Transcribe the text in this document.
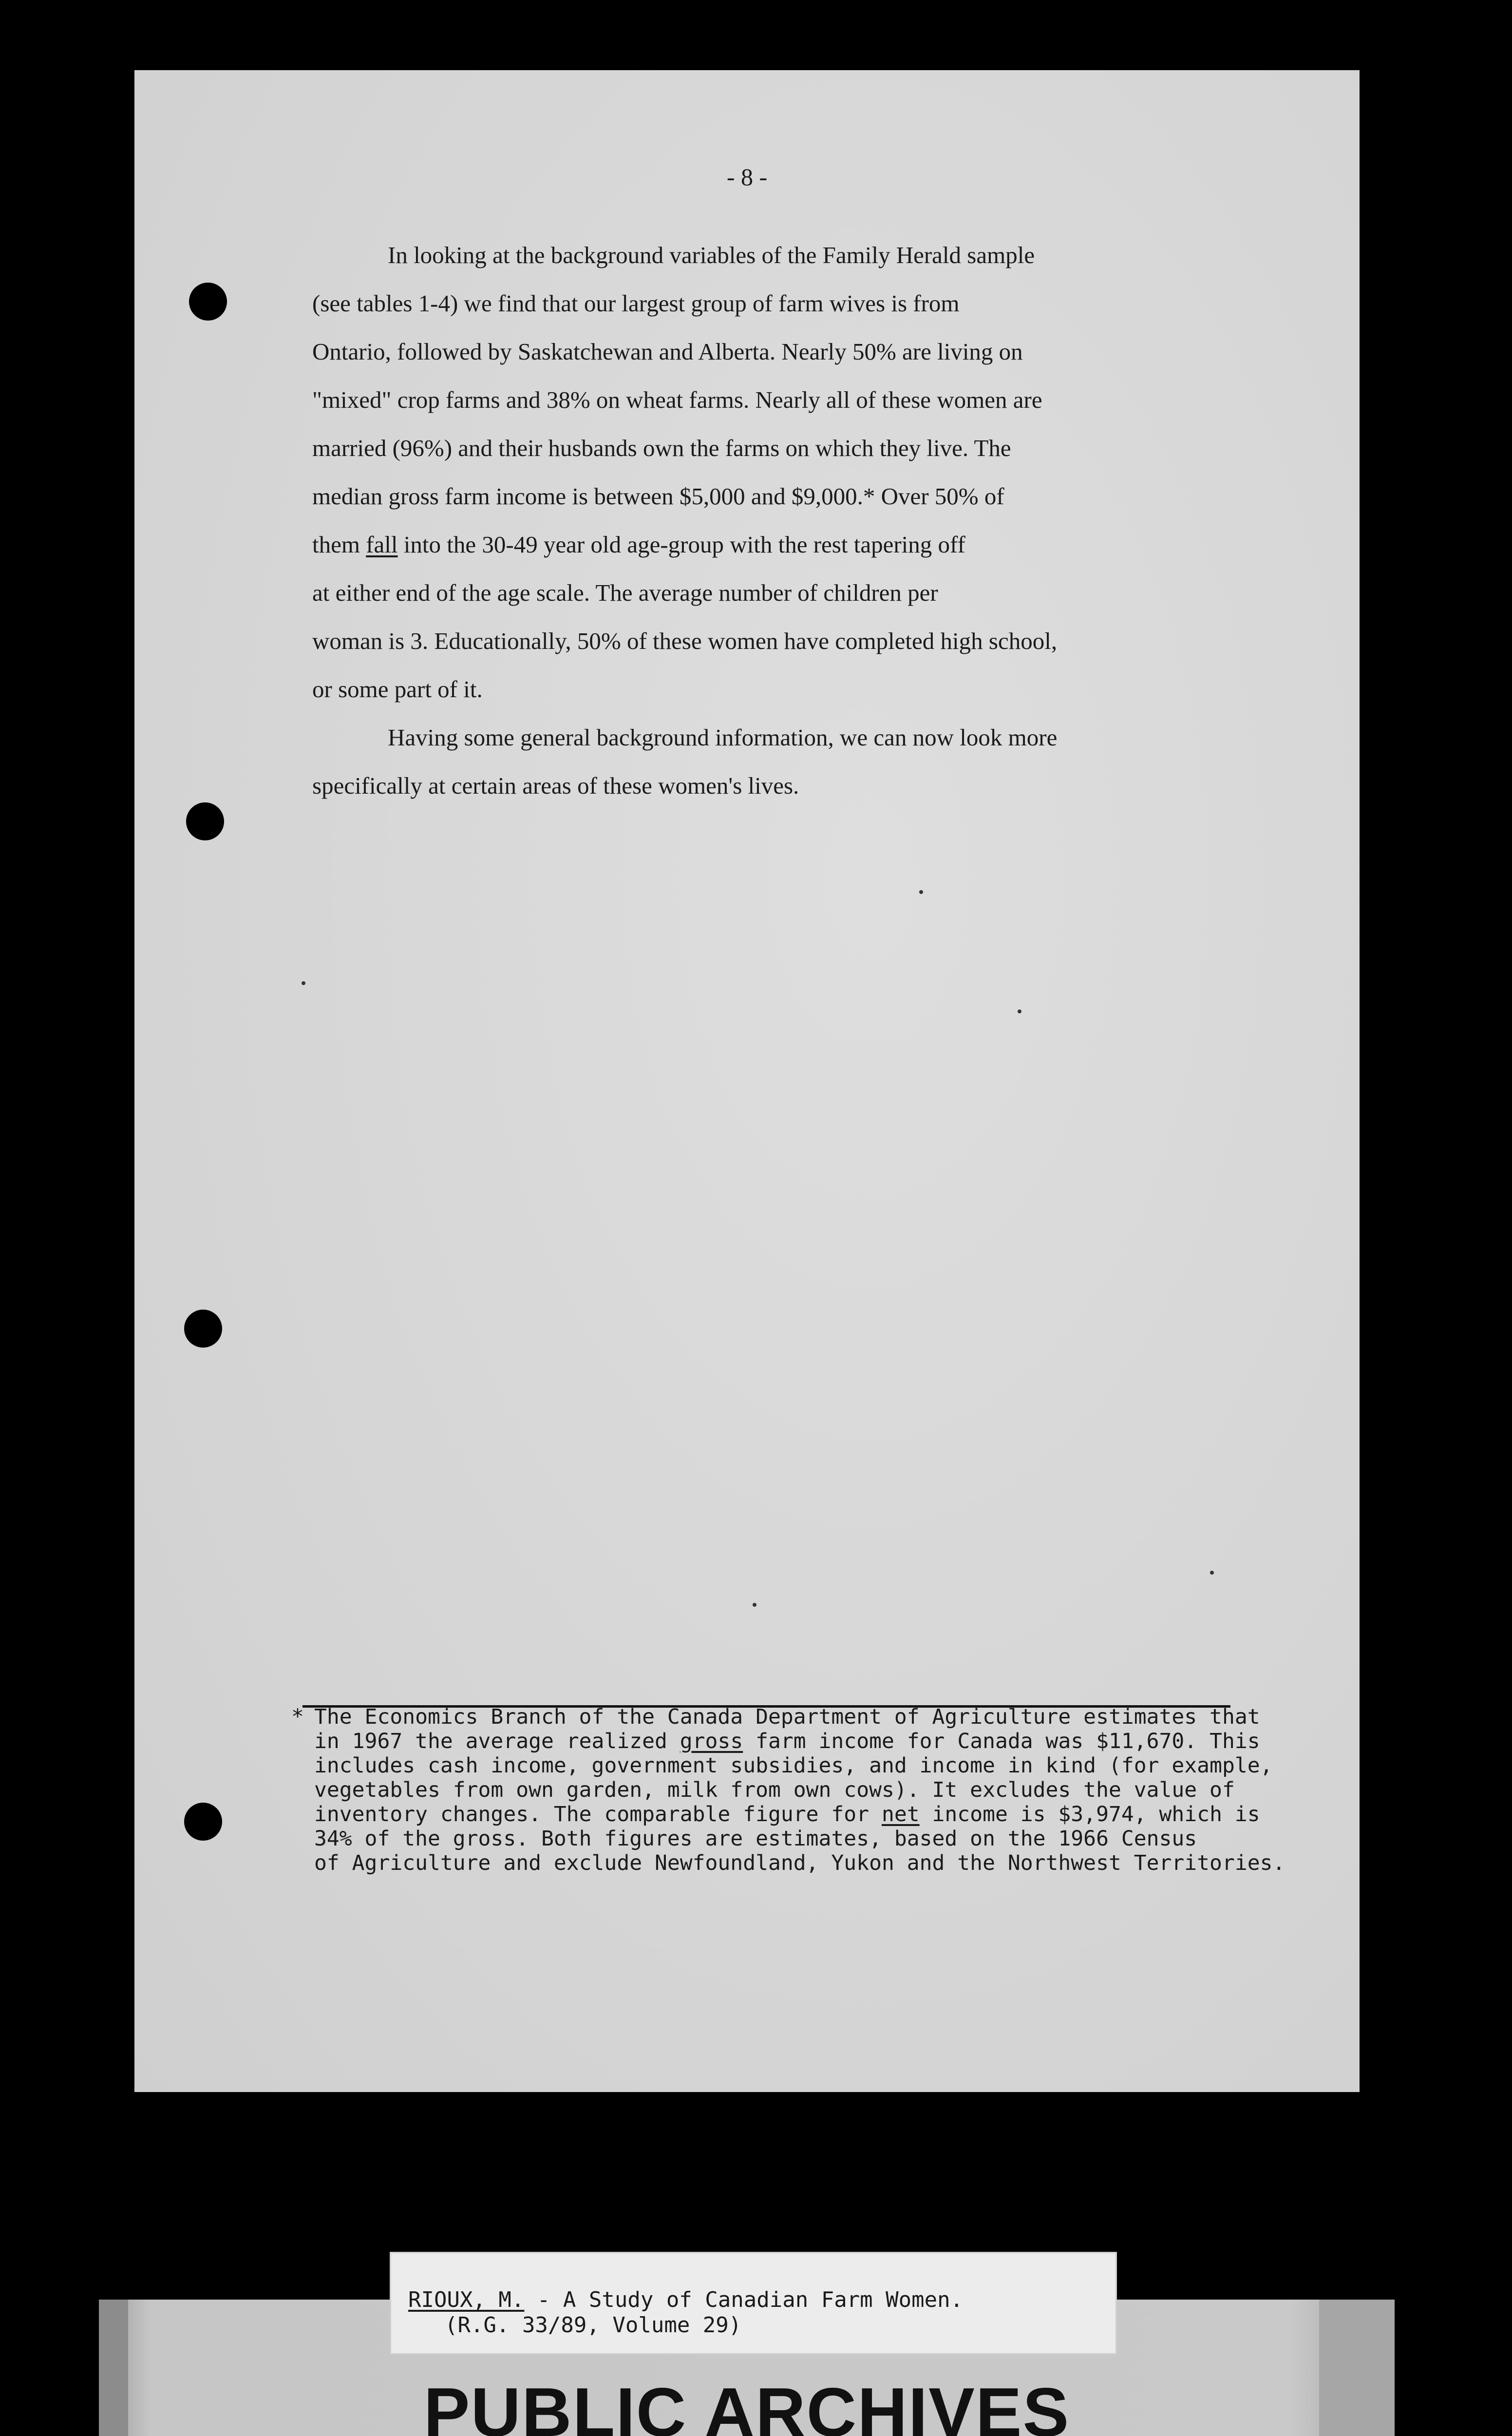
- 8 -

In looking at the background variables of the Family Herald sample
(see tables 1-4) we find that our largest group of farm wives is from
Ontario, followed by Saskatchewan and Alberta. Nearly 50% are living on
"mixed" crop farms and 38% on wheat farms. Nearly all of these women are
married (96%) and their husbands own the farms on which they live. The
median gross farm income is between $5,000 and $9,000.* Over 50% of
them fall into the 30-49 year old age-group with the rest tapering off
at either end of the age scale. The average number of children per
woman is 3. Educationally, 50% of these women have completed high school,
or some part of it.

Having some general background information, we can now look more
specifically at certain areas of these women's lives.

* The Economics Branch of the Canada Department of Agriculture estimates that
in 1967 the average realized gross farm income for Canada was $11,670. This
includes cash income, government subsidies, and income in kind (for example,
vegetables from own garden, milk from own cows). It excludes the value of
inventory changes. The comparable figure for net income is $3,974, which is
34% of the gross. Both figures are estimates, based on the 1966 Census
of Agriculture and exclude Newfoundland, Yukon and the Northwest Territories.
PUBLIC ARCHIVES
RIOUX, M. - A Study of Canadian Farm Women.
(R.G. 33/89, Volume 29)
